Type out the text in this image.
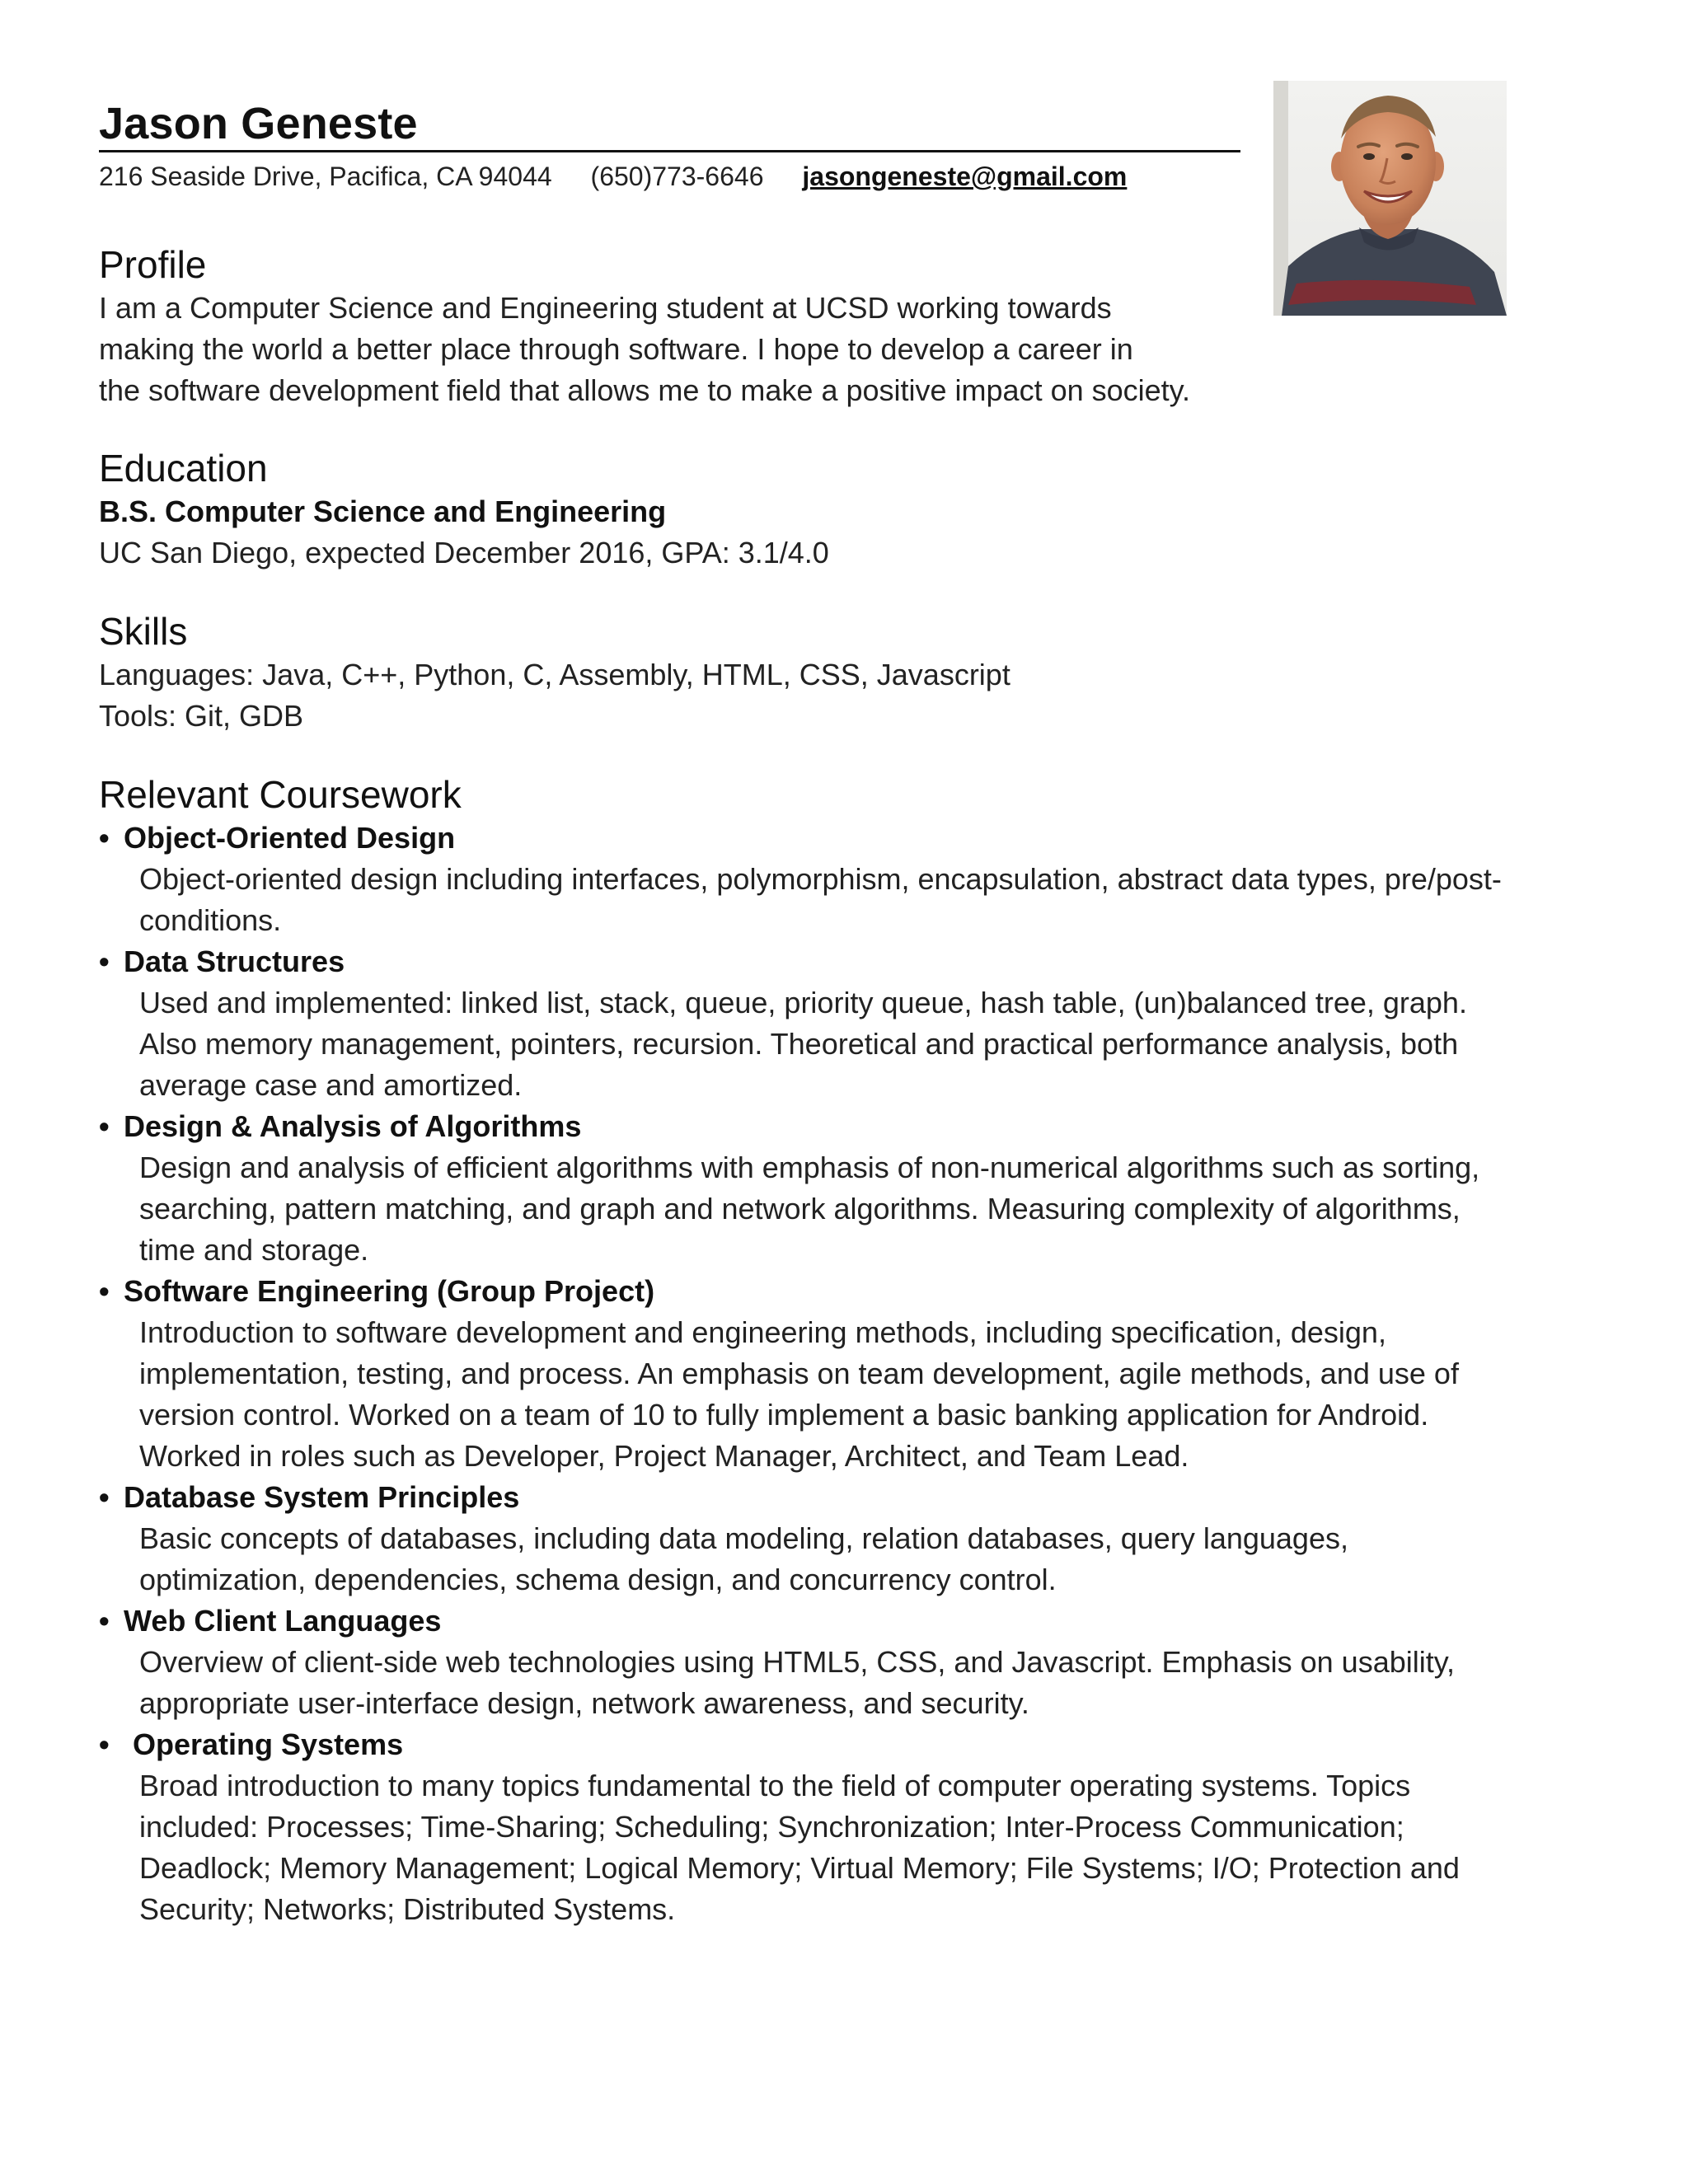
Jason Geneste
216 Seaside Drive, Pacifica, CA 94044 (650)773-6646 jasongeneste@gmail.com
Profile
I am a Computer Science and Engineering student at UCSD working towards
making the world a better place through software. I hope to develop a career in
the software development field that allows me to make a positive impact on society.
Education
B.S. Computer Science and Engineering
UC San Diego, expected December 2016, GPA: 3.1/4.0
Skills
Languages: Java, C++, Python, C, Assembly, HTML, CSS, Javascript
Tools: Git, GDB
Relevant Coursework
• Object-Oriented Design
Object-oriented design including interfaces, polymorphism, encapsulation, abstract data types, pre/post-
conditions.
• Data Structures
Used and implemented: linked list, stack, queue, priority queue, hash table, (un)balanced tree, graph.
Also memory management, pointers, recursion. Theoretical and practical performance analysis, both
average case and amortized.
• Design & Analysis of Algorithms
Design and analysis of efficient algorithms with emphasis of non-numerical algorithms such as sorting,
searching, pattern matching, and graph and network algorithms. Measuring complexity of algorithms,
time and storage.
• Software Engineering (Group Project)
Introduction to software development and engineering methods, including specification, design,
implementation, testing, and process. An emphasis on team development, agile methods, and use of
version control. Worked on a team of 10 to fully implement a basic banking application for Android.
Worked in roles such as Developer, Project Manager, Architect, and Team Lead.
• Database System Principles
Basic concepts of databases, including data modeling, relation databases, query languages,
optimization, dependencies, schema design, and concurrency control.
• Web Client Languages
Overview of client-side web technologies using HTML5, CSS, and Javascript. Emphasis on usability,
appropriate user-interface design, network awareness, and security.
• Operating Systems
Broad introduction to many topics fundamental to the field of computer operating systems. Topics
included: Processes; Time-Sharing; Scheduling; Synchronization; Inter-Process Communication;
Deadlock; Memory Management; Logical Memory; Virtual Memory; File Systems; I/O; Protection and
Security; Networks; Distributed Systems.
